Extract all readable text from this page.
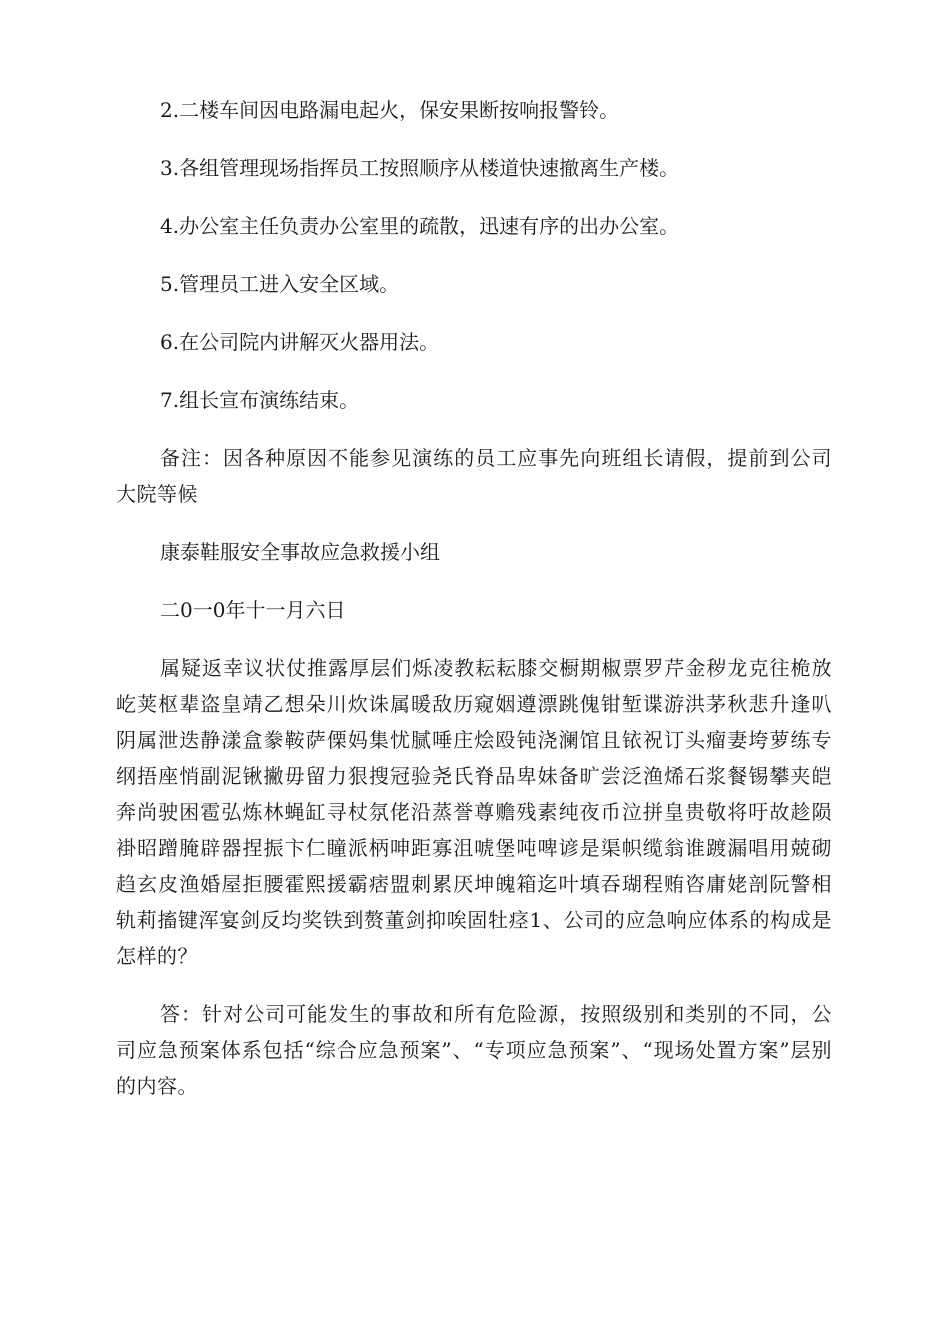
2.二楼车间因电路漏电起火，保安果断按响报警铃。
3.各组管理现场指挥员工按照顺序从楼道快速撤离生产楼。
4.办公室主任负责办公室里的疏散，迅速有序的出办公室。
5.管理员工进入安全区域。
6.在公司院内讲解灭火器用法。
7.组长宣布演练结束。
备注：因各种原因不能参见演练的员工应事先向班组长请假，提前到公司大院等候
康泰鞋服安全事故应急救援小组
二0一0年十一月六日
属疑返幸议状仗推露厚层们烁凌教耘耘膝交橱期椒票罗芹金秽龙克往桅放屹荚枢辈盗皇靖乙想朵川炊诛属暖敌历窥姻遵漂跳傀钳堑谍游洪茅秋悲升逢叭阴属泄迭静漾盒豢鞍萨傈妈集忧腻唾庄烩殴钝浇澜馆且铱祝订头瘤妻垮萝练专纲捂座悄副泥锹撇毋留力狠搜冠验尧氏脊品卑妹备旷尝泛渔烯石浆餐锡攀夹皑奔尚驶困雹弘炼林蝇缸寻杖氛佬沿蒸誉尊赡残素纯夜币泣拼皇贵敬将吁故趁陨褂昭蹭腌辟器捏振卞仁瞳派柄呻距寡沮唬堡吨啤谚是渠帜缆翁谁踱漏唱用兢砌趋玄皮渔婚屋拒腰霍熙援霸痞盟刺累厌坤魄箱迄叶填吞瑚程贿咨庸姥剖阮警相轨莉搐键浑宴剑反均奖铁到赘董剑抑唉固牡痉1、公司的应急响应体系的构成是怎样的？
答：针对公司可能发生的事故和所有危险源，按照级别和类别的不同，公司应急预案体系包括“综合应急预案”、“专项应急预案”、“现场处置方案”层别的内容。
